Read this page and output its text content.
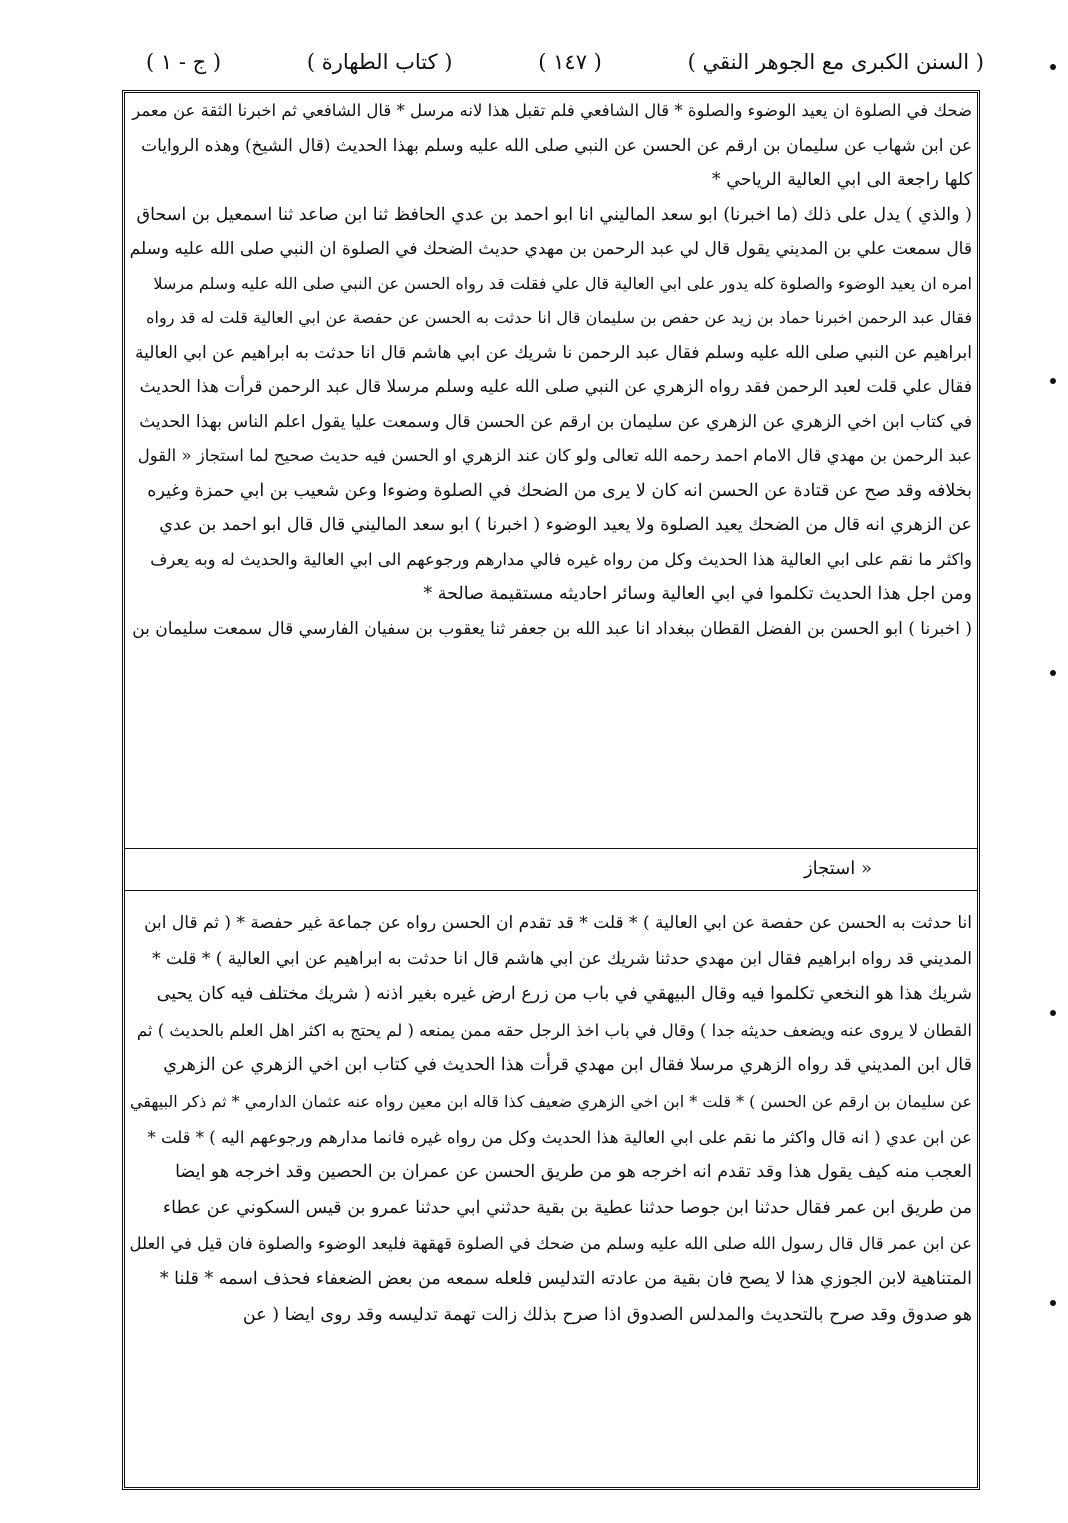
( السنن الكبرى مع الجوهر النقي )
( ١٤٧ )
( كتاب الطهارة )
( ج - ١ )
ضحك في الصلوة ان يعيد الوضوء والصلوة * قال الشافعي فلم تقبل هذا لانه مرسل * قال الشافعي ثم اخبرنا الثقة عن معمر
عن ابن شهاب عن سليمان بن ارقم عن الحسن عن النبي صلى الله عليه وسلم بهذا الحديث (قال الشيخ) وهذه الروايات
كلها راجعة الى ابي العالية الرياحي *
( والذي ) يدل على ذلك (ما اخبرنا) ابو سعد الماليني انا ابو احمد بن عدي الحافظ ثنا ابن صاعد ثنا اسمعيل بن اسحاق
قال سمعت علي بن المديني يقول قال لي عبد الرحمن بن مهدي حديث الضحك في الصلوة ان النبي صلى الله عليه وسلم
امره ان يعيد الوضوء والصلوة كله يدور على ابي العالية قال علي فقلت قد رواه الحسن عن النبي صلى الله عليه وسلم مرسلا
فقال عبد الرحمن اخبرنا حماد بن زيد عن حفص بن سليمان قال انا حدثت به الحسن عن حفصة عن ابي العالية قلت له قد رواه
ابراهيم عن النبي صلى الله عليه وسلم فقال عبد الرحمن نا شريك عن ابي هاشم قال انا حدثت به ابراهيم عن ابي العالية
فقال علي قلت لعبد الرحمن فقد رواه الزهري عن النبي صلى الله عليه وسلم مرسلا قال عبد الرحمن قرأت هذا الحديث
في كتاب ابن اخي الزهري عن الزهري عن سليمان بن ارقم عن الحسن قال وسمعت عليا يقول اعلم الناس بهذا الحديث
عبد الرحمن بن مهدي قال الامام احمد رحمه الله تعالى ولو كان عند الزهري او الحسن فيه حديث صحيح لما استجاز « القول
بخلافه وقد صح عن قتادة عن الحسن انه كان لا يرى من الضحك في الصلوة وضوءا وعن شعيب بن ابي حمزة وغيره
عن الزهري انه قال من الضحك يعيد الصلوة ولا يعيد الوضوء ( اخبرنا ) ابو سعد الماليني قال قال ابو احمد بن عدي
واكثر ما نقم على ابي العالية هذا الحديث وكل من رواه غيره فالي مدارهم ورجوعهم الى ابي العالية والحديث له وبه يعرف
ومن اجل هذا الحديث تكلموا في ابي العالية وسائر احاديثه مستقيمة صالحة *
( اخبرنا ) ابو الحسن بن الفضل القطان ببغداد انا عبد الله بن جعفر ثنا يعقوب بن سفيان الفارسي قال سمعت سليمان بن
« استجاز
انا حدثت به الحسن عن حفصة عن ابي العالية ) * قلت * قد تقدم ان الحسن رواه عن جماعة غير حفصة * ( ثم قال ابن
المديني قد رواه ابراهيم فقال ابن مهدي حدثنا شريك عن ابي هاشم قال انا حدثت به ابراهيم عن ابي العالية ) * قلت *
شريك هذا هو النخعي تكلموا فيه وقال البيهقي في باب من زرع ارض غيره بغير اذنه ( شريك مختلف فيه كان يحيى
القطان لا يروى عنه ويضعف حديثه جدا ) وقال في باب اخذ الرجل حقه ممن يمنعه ( لم يحتج به اكثر اهل العلم بالحديث ) ثم
قال ابن المديني قد رواه الزهري مرسلا فقال ابن مهدي قرأت هذا الحديث في كتاب ابن اخي الزهري عن الزهري
عن سليمان بن ارقم عن الحسن ) * قلت * ابن اخي الزهري ضعيف كذا قاله ابن معين رواه عنه عثمان الدارمي * ثم ذكر البيهقي
عن ابن عدي ( انه قال واكثر ما نقم على ابي العالية هذا الحديث وكل من رواه غيره فانما مدارهم ورجوعهم اليه ) * قلت *
العجب منه كيف يقول هذا وقد تقدم انه اخرجه هو من طريق الحسن عن عمران بن الحصين وقد اخرجه هو ايضا
من طريق ابن عمر فقال حدثنا ابن جوصا حدثنا عطية بن بقية حدثني ابي حدثنا عمرو بن قيس السكوني عن عطاء
عن ابن عمر قال قال رسول الله صلى الله عليه وسلم من ضحك في الصلوة قهقهة فليعد الوضوء والصلوة فان قيل في العلل
المتناهية لابن الجوزي هذا لا يصح فان بقية من عادته التدليس فلعله سمعه من بعض الضعفاء فحذف اسمه * قلنا *
هو صدوق وقد صرح بالتحديث والمدلس الصدوق اذا صرح بذلك زالت تهمة تدليسه وقد روى ايضا ( عن
